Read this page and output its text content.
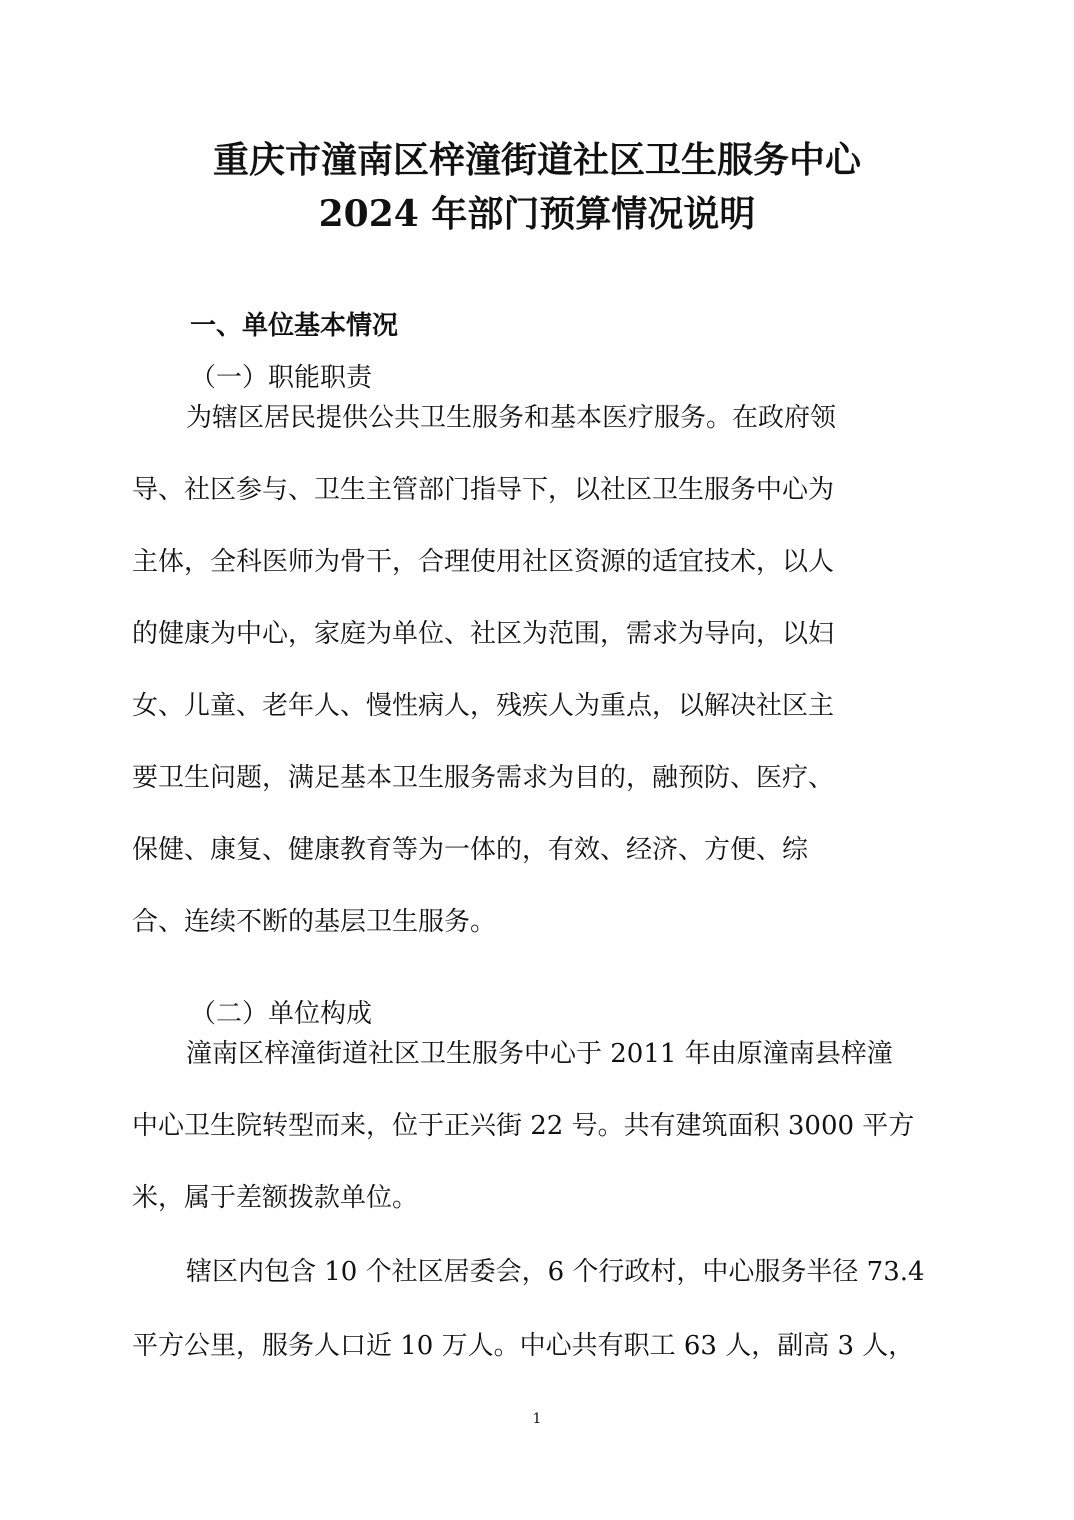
重庆市潼南区梓潼街道社区卫生服务中心
2024 年部门预算情况说明
一、单位基本情况
（一）职能职责
为辖区居民提供公共卫生服务和基本医疗服务。在政府领
导、社区参与、卫生主管部门指导下，以社区卫生服务中心为
主体，全科医师为骨干，合理使用社区资源的适宜技术，以人
的健康为中心，家庭为单位、社区为范围，需求为导向，以妇
女、儿童、老年人、慢性病人，残疾人为重点，以解决社区主
要卫生问题，满足基本卫生服务需求为目的，融预防、医疗、
保健、康复、健康教育等为一体的，有效、经济、方便、综
合、连续不断的基层卫生服务。
（二）单位构成
潼南区梓潼街道社区卫生服务中心于 2011 年由原潼南县梓潼
中心卫生院转型而来，位于正兴街 22 号。共有建筑面积 3000 平方
米，属于差额拨款单位。
辖区内包含 10 个社区居委会，6 个行政村，中心服务半径 73.4
平方公里，服务人口近 10 万人。中心共有职工 63 人，副高 3 人，
1
